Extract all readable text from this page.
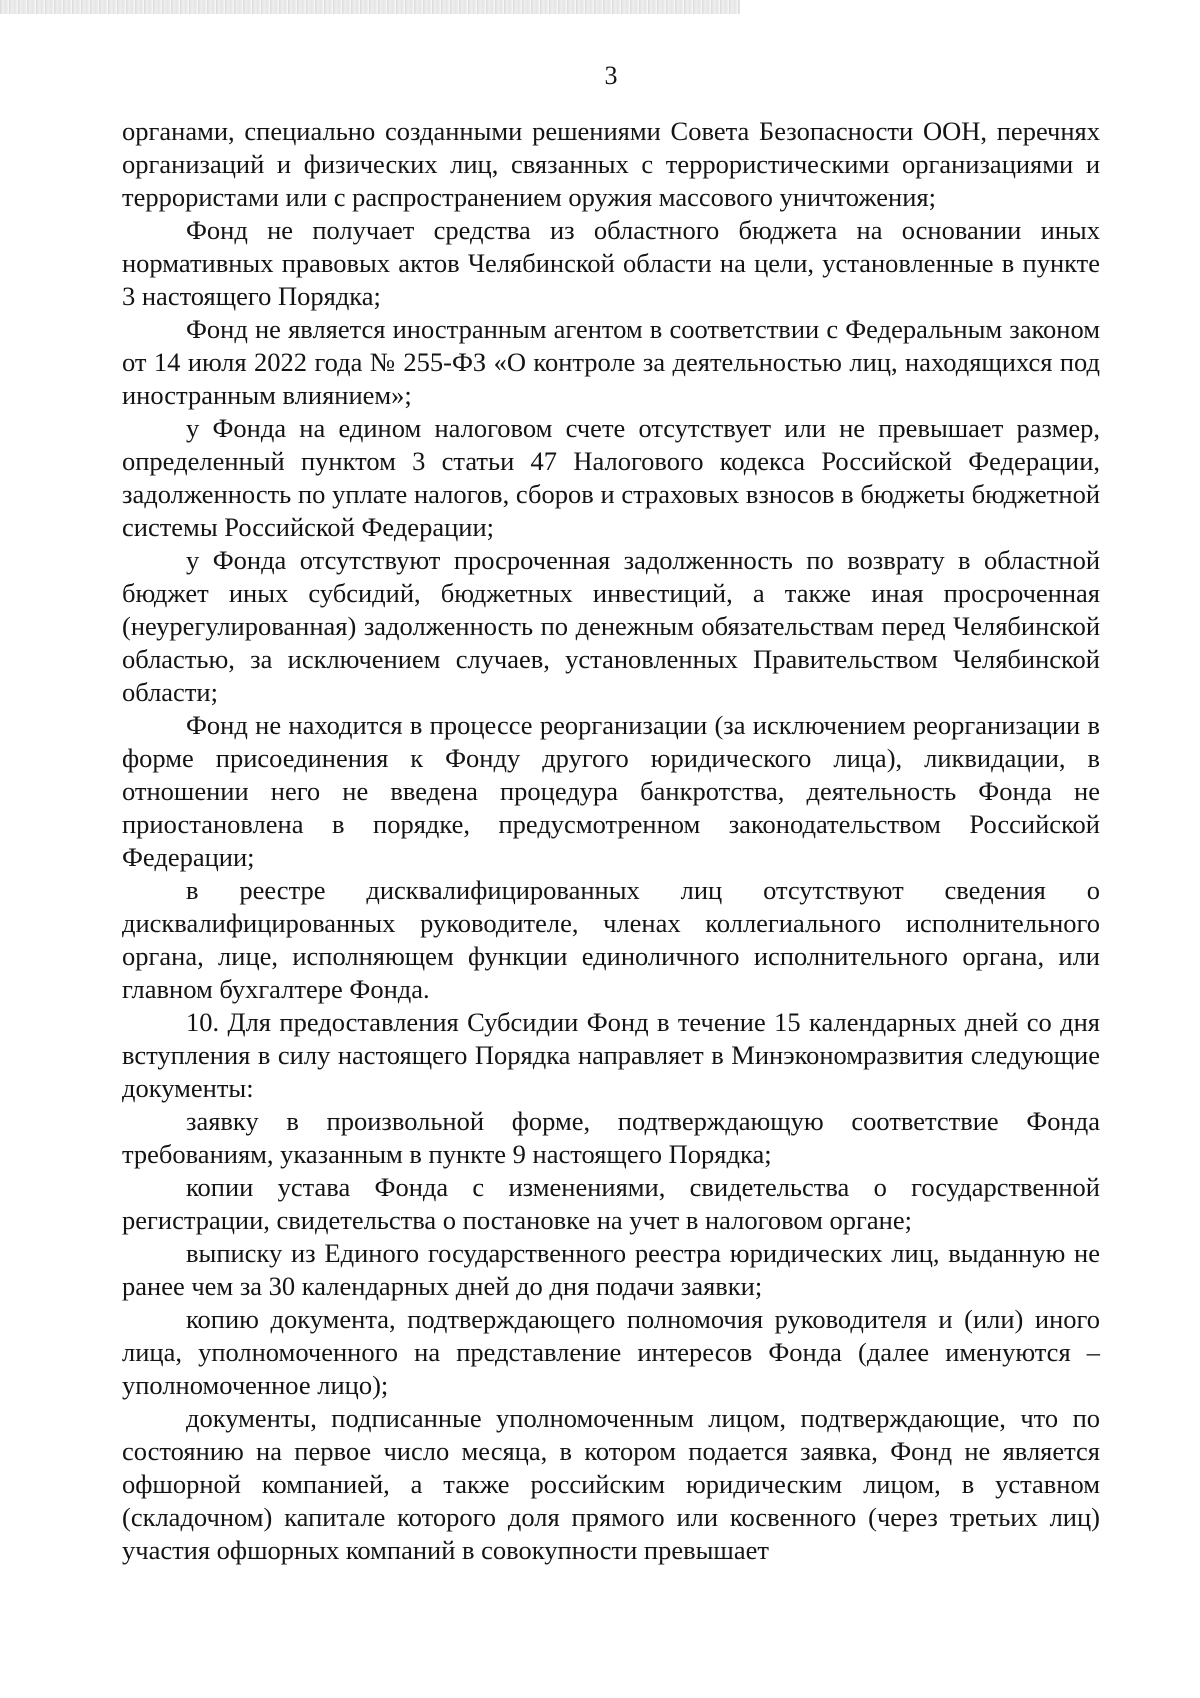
3

органами, специально созданными решениями Совета Безопасности ООН, перечнях организаций и физических лиц, связанных с террористическими организациями и террористами или с распространением оружия массового уничтожения;

Фонд не получает средства из областного бюджета на основании иных нормативных правовых актов Челябинской области на цели, установленные в пункте 3 настоящего Порядка;

Фонд не является иностранным агентом в соответствии с Федеральным законом от 14 июля 2022 года № 255-ФЗ «О контроле за деятельностью лиц, находящихся под иностранным влиянием»;

у Фонда на едином налоговом счете отсутствует или не превышает размер, определенный пунктом 3 статьи 47 Налогового кодекса Российской Федерации, задолженность по уплате налогов, сборов и страховых взносов в бюджеты бюджетной системы Российской Федерации;

у Фонда отсутствуют просроченная задолженность по возврату в областной бюджет иных субсидий, бюджетных инвестиций, а также иная просроченная (неурегулированная) задолженность по денежным обязательствам перед Челябинской областью, за исключением случаев, установленных Правительством Челябинской области;

Фонд не находится в процессе реорганизации (за исключением реорганизации в форме присоединения к Фонду другого юридического лица), ликвидации, в отношении него не введена процедура банкротства, деятельность Фонда не приостановлена в порядке, предусмотренном законодательством Российской Федерации;

в реестре дисквалифицированных лиц отсутствуют сведения о дисквалифицированных руководителе, членах коллегиального исполнительного органа, лице, исполняющем функции единоличного исполнительного органа, или главном бухгалтере Фонда.

10. Для предоставления Субсидии Фонд в течение 15 календарных дней со дня вступления в силу настоящего Порядка направляет в Минэкономразвития следующие документы:

заявку в произвольной форме, подтверждающую соответствие Фонда требованиям, указанным в пункте 9 настоящего Порядка;

копии устава Фонда с изменениями, свидетельства о государственной регистрации, свидетельства о постановке на учет в налоговом органе;

выписку из Единого государственного реестра юридических лиц, выданную не ранее чем за 30 календарных дней до дня подачи заявки;

копию документа, подтверждающего полномочия руководителя и (или) иного лица, уполномоченного на представление интересов Фонда (далее именуются – уполномоченное лицо);

документы, подписанные уполномоченным лицом, подтверждающие, что по состоянию на первое число месяца, в котором подается заявка, Фонд не является офшорной компанией, а также российским юридическим лицом, в уставном (складочном) капитале которого доля прямого или косвенного (через третьих лиц) участия офшорных компаний в совокупности превышает
